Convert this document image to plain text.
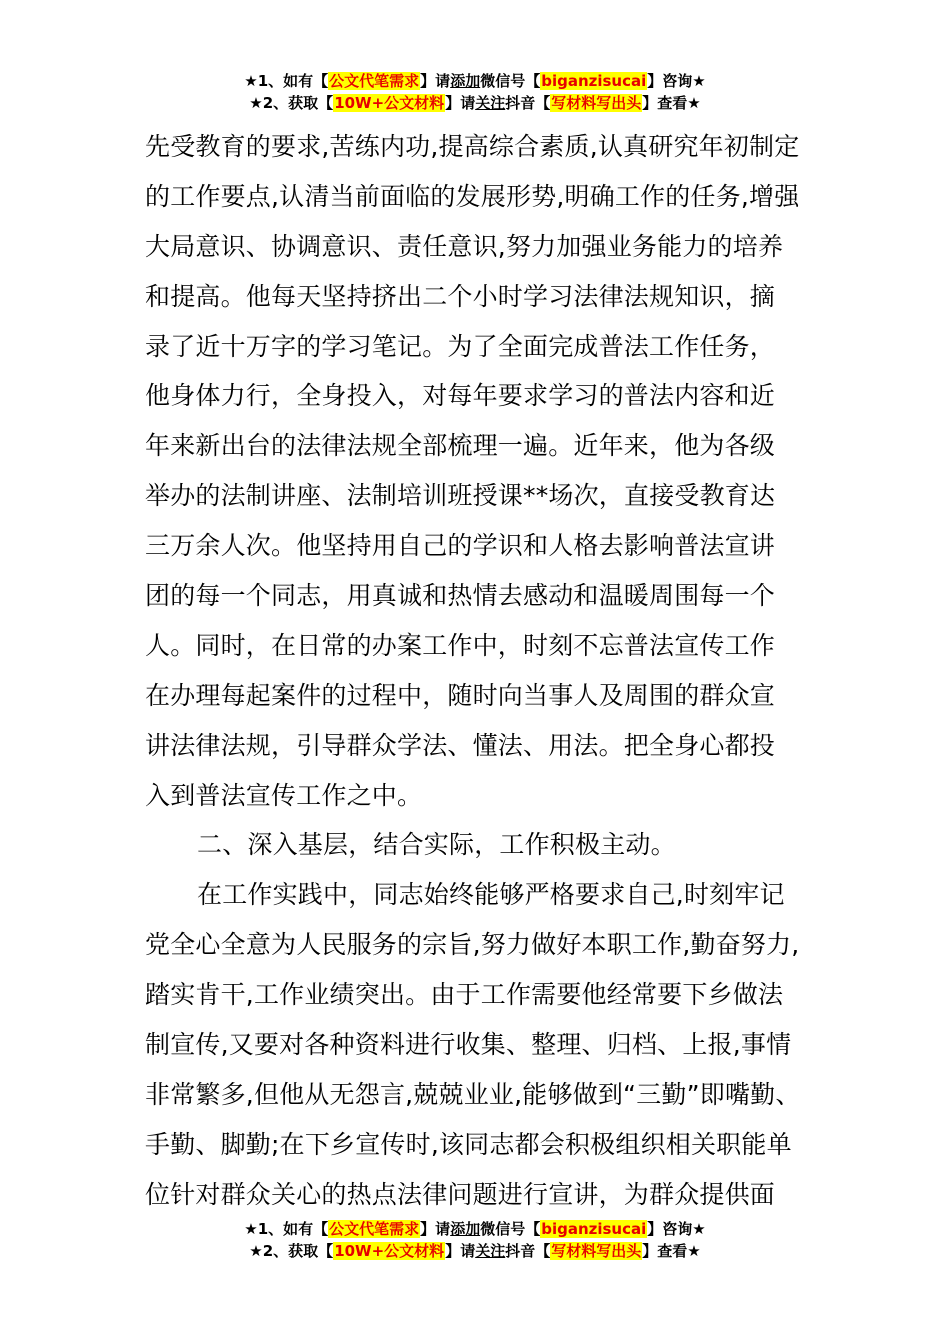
★1、如有【公文代笔需求】请添加微信号【biganzisucai】咨询★
★2、获取【10W+公文材料】请关注抖音【写材料写出头】查看★
先受教育的要求,苦练内功,提高综合素质,认真研究年初制定
的工作要点,认清当前面临的发展形势,明确工作的任务,增强
大局意识、协调意识、责任意识,努力加强业务能力的培养
和提高。他每天坚持挤出二个小时学习法律法规知识，摘
录了近十万字的学习笔记。为了全面完成普法工作任务，
他身体力行，全身投入，对每年要求学习的普法内容和近
年来新出台的法律法规全部梳理一遍。近年来，他为各级
举办的法制讲座、法制培训班授课**场次，直接受教育达
三万余人次。他坚持用自己的学识和人格去影响普法宣讲
团的每一个同志，用真诚和热情去感动和温暖周围每一个
人。同时，在日常的办案工作中，时刻不忘普法宣传工作
在办理每起案件的过程中，随时向当事人及周围的群众宣
讲法律法规，引导群众学法、懂法、用法。把全身心都投
入到普法宣传工作之中。
二、深入基层，结合实际，工作积极主动。
在工作实践中，同志始终能够严格要求自己,时刻牢记
党全心全意为人民服务的宗旨,努力做好本职工作,勤奋努力,
踏实肯干,工作业绩突出。由于工作需要他经常要下乡做法
制宣传,又要对各种资料进行收集、整理、归档、上报,事情
非常繁多,但他从无怨言,兢兢业业,能够做到“三勤”即嘴勤、
手勤、脚勤;在下乡宣传时,该同志都会积极组织相关职能单
位针对群众关心的热点法律问题进行宣讲，为群众提供面
★1、如有【公文代笔需求】请添加微信号【biganzisucai】咨询★
★2、获取【10W+公文材料】请关注抖音【写材料写出头】查看★
